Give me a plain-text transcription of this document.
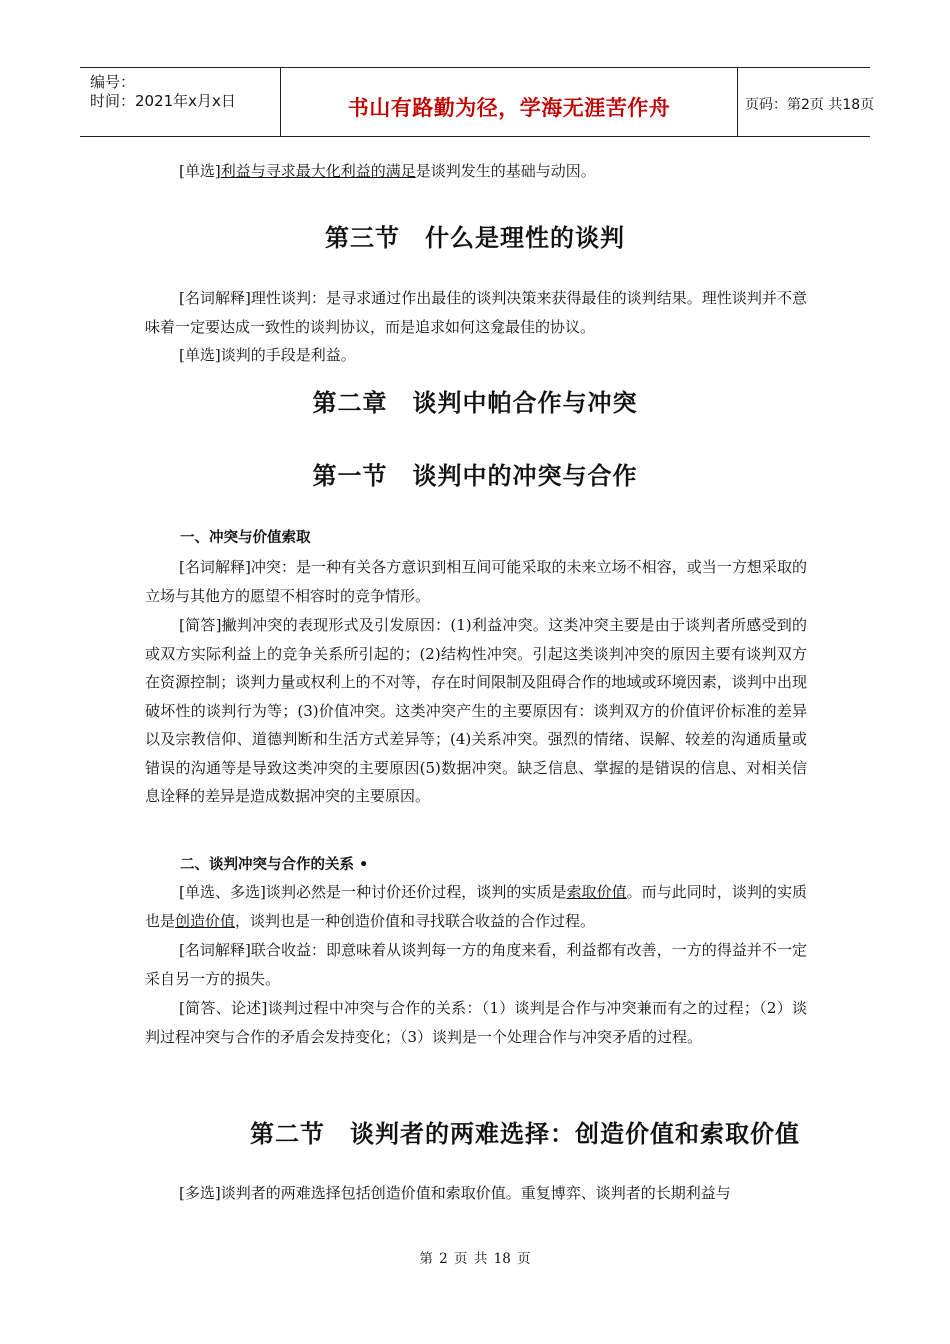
编号：
时间：2021年x月x日	书山有路勤为径，学海无涯苦作舟	页码：第2页 共18页

[单选]利益与寻求最大化利益的满足是谈判发生的基础与动因。

第三节　什么是理性的谈判

[名词解释]理性谈判：是寻求通过作出最佳的谈判决策来获得最佳的谈判结果。理性谈判并不意味着一定要达成一致性的谈判协议，而是追求如何这龛最佳的协议。

[单选]谈判的手段是利益。

第二章　谈判中帕合作与冲突
第一节　谈判中的冲突与合作
一、冲突与价值索取

[名词解释]冲突：是一种有关各方意识到相互间可能采取的未来立场不相容，或当一方想采取的立场与其他方的愿望不相容时的竞争情形。

[简答]撇判冲突的表现形式及引发原因：(1)利益冲突。这类冲突主要是由于谈判者所感受到的或双方实际利益上的竞争关系所引起的；(2)结构性冲突。引起这类谈判冲突的原因主要有谈判双方在资源控制；谈判力量或权利上的不对等，存在时间限制及阻碍合作的地域或环境因素，谈判中出现破坏性的谈判行为等；(3)价值冲突。这类冲突产生的主要原因有：谈判双方的价值评价标准的差异以及宗教信仰、道德判断和生活方式差异等；(4)关系冲突。强烈的情绪、误解、较差的沟通质量或错误的沟通等是导致这类冲突的主要原因(5)数据冲突。缺乏信息、掌握的是错误的信息、对相关信息诠释的差异是造成数据冲突的主要原因。

二、谈判冲突与合作的关系 •

[单选、多选]谈判必然是一种讨价还价过程，谈判的实质是索取价值。而与此同时，谈判的实质也是创造价值，谈判也是一种创造价值和寻找联合收益的合作过程。

[名词解释]联合收益：即意味着从谈判每一方的角度来看，利益都有改善，一方的得益并不一定采自另一方的损失。

[简答、论述]谈判过程中冲突与合作的关系：（1）谈判是合作与冲突兼而有之的过程；（2）谈判过程冲突与合作的矛盾会发持变化；（3）谈判是一个处理合作与冲突矛盾的过程。

第二节　谈判者的两难选择：创造价值和索取价值

[多选]谈判者的两难选择包括创造价值和索取价值。重复博弈、谈判者的长期利益与

第 2 页 共 18 页
